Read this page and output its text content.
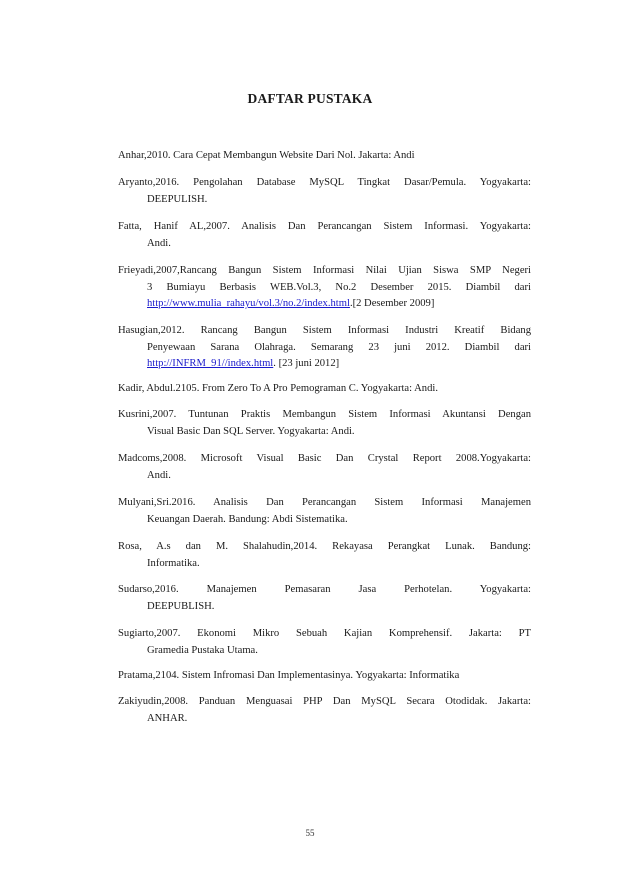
DAFTAR PUSTAKA
Anhar,2010. Cara Cepat Membangun Website Dari Nol. Jakarta: Andi
Aryanto,2016. Pengolahan Database MySQL Tingkat Dasar/Pemula. Yogyakarta:
DEEPULISH.
Fatta, Hanif AL,2007. Analisis Dan Perancangan Sistem Informasi. Yogyakarta:
Andi.
Frieyadi,2007,Rancang Bangun Sistem Informasi Nilai Ujian Siswa SMP Negeri
3 Bumiayu Berbasis WEB.Vol.3, No.2 Desember 2015. Diambil dari
http://www.mulia_rahayu/vol.3/no.2/index.html.[2 Desember 2009]
Hasugian,2012. Rancang Bangun Sistem Informasi Industri Kreatif Bidang
Penyewaan Sarana Olahraga. Semarang 23 juni 2012. Diambil dari
http://INFRM_91//index.html. [23 juni 2012]
Kadir, Abdul.2105. From Zero To A Pro Pemograman C. Yogyakarta: Andi.
Kusrini,2007. Tuntunan Praktis Membangun Sistem Informasi Akuntansi Dengan
Visual Basic Dan SQL Server. Yogyakarta: Andi.
Madcoms,2008. Microsoft Visual Basic Dan Crystal Report 2008.Yogyakarta:
Andi.
Mulyani,Sri.2016. Analisis Dan Perancangan Sistem Informasi Manajemen
Keuangan Daerah. Bandung: Abdi Sistematika.
Rosa, A.s dan M. Shalahudin,2014. Rekayasa Perangkat Lunak. Bandung:
Informatika.
Sudarso,2016. Manajemen Pemasaran Jasa Perhotelan. Yogyakarta:
DEEPUBLISH.
Sugiarto,2007. Ekonomi Mikro Sebuah Kajian Komprehensif. Jakarta: PT
Gramedia Pustaka Utama.
Pratama,2104. Sistem Infromasi Dan Implementasinya. Yogyakarta: Informatika
Zakiyudin,2008. Panduan Menguasai PHP Dan MySQL Secara Otodidak. Jakarta:
ANHAR.
55
